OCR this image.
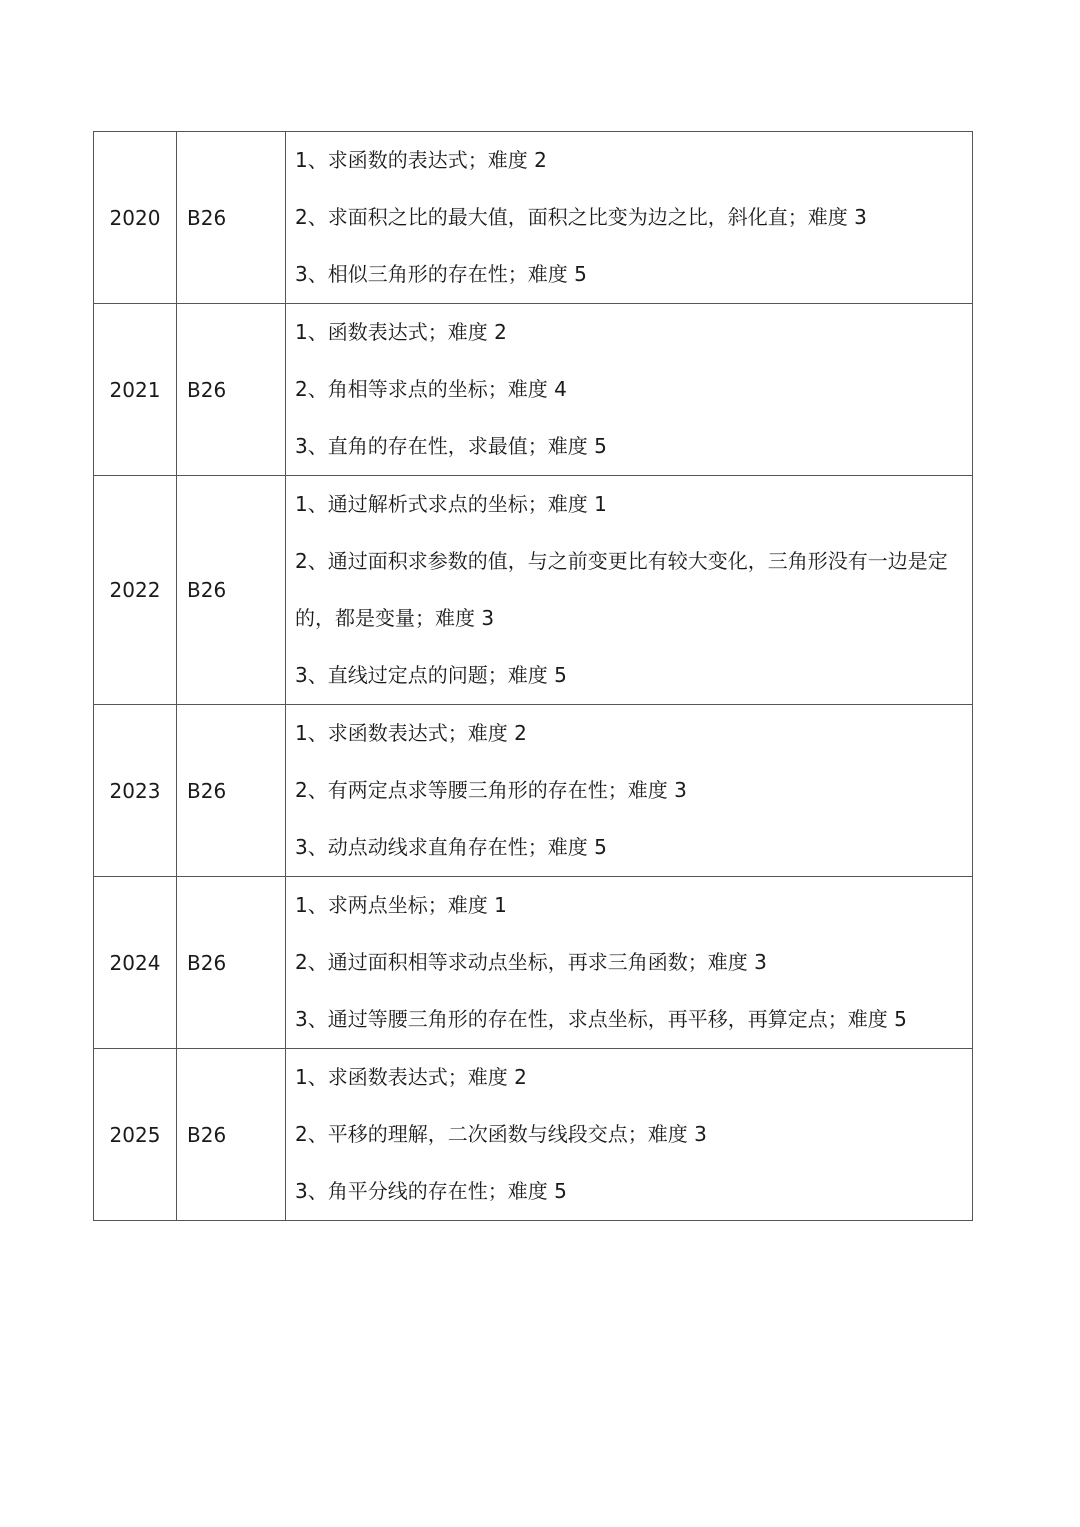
2020	B26	1、求函数的表达式；难度 2
2、求面积之比的最大值，面积之比变为边之比，斜化直；难度 3
3、相似三角形的存在性；难度 5

2021	B26	1、函数表达式；难度 2
2、角相等求点的坐标；难度 4
3、直角的存在性，求最值；难度 5

2022	B26	1、通过解析式求点的坐标；难度 1
2、通过面积求参数的值，与之前变更比有较大变化，三角形没有一边是定的，都是变量；难度 3
3、直线过定点的问题；难度 5

2023	B26	1、求函数表达式；难度 2
2、有两定点求等腰三角形的存在性；难度 3
3、动点动线求直角存在性；难度 5

2024	B26	1、求两点坐标；难度 1
2、通过面积相等求动点坐标，再求三角函数；难度 3
3、通过等腰三角形的存在性，求点坐标，再平移，再算定点；难度 5

2025	B26	1、求函数表达式；难度 2
2、平移的理解，二次函数与线段交点；难度 3
3、角平分线的存在性；难度 5
